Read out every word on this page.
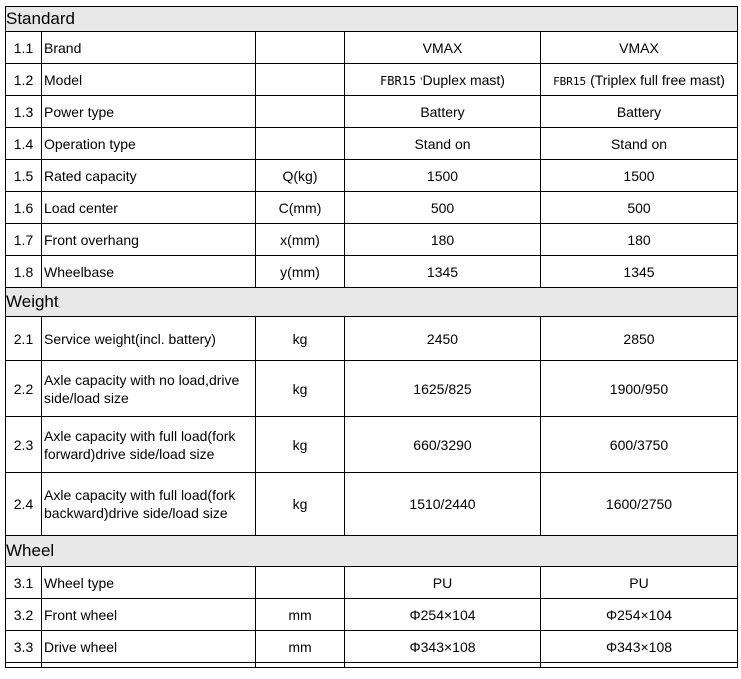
Standard				
1.1	Brand		VMAX	VMAX
1.2	Model		FBR15 ’Duplex mast)	FBR15 (Triplex full free mast)
1.3	Power type		Battery	Battery
1.4	Operation type		Stand on	Stand on
1.5	Rated capacity	Q(kg)	1500	1500
1.6	Load center	C(mm)	500	500
1.7	Front overhang	x(mm)	180	180
1.8	Wheelbase	y(mm)	1345	1345
Weight				
2.1	Service weight(incl. battery)	kg	2450	2850
2.2	Axle capacity with no load,drive side/load size	kg	1625/825	1900/950
2.3	Axle capacity with full load(fork forward)drive side/load size	kg	660/3290	600/3750
2.4	Axle capacity with full load(fork backward)drive side/load size	kg	1510/2440	1600/2750
Wheel				
3.1	Wheel type		PU	PU
3.2	Front wheel	mm	Φ254×104	Φ254×104
3.3	Drive wheel	mm	Φ343×108	Φ343×108
